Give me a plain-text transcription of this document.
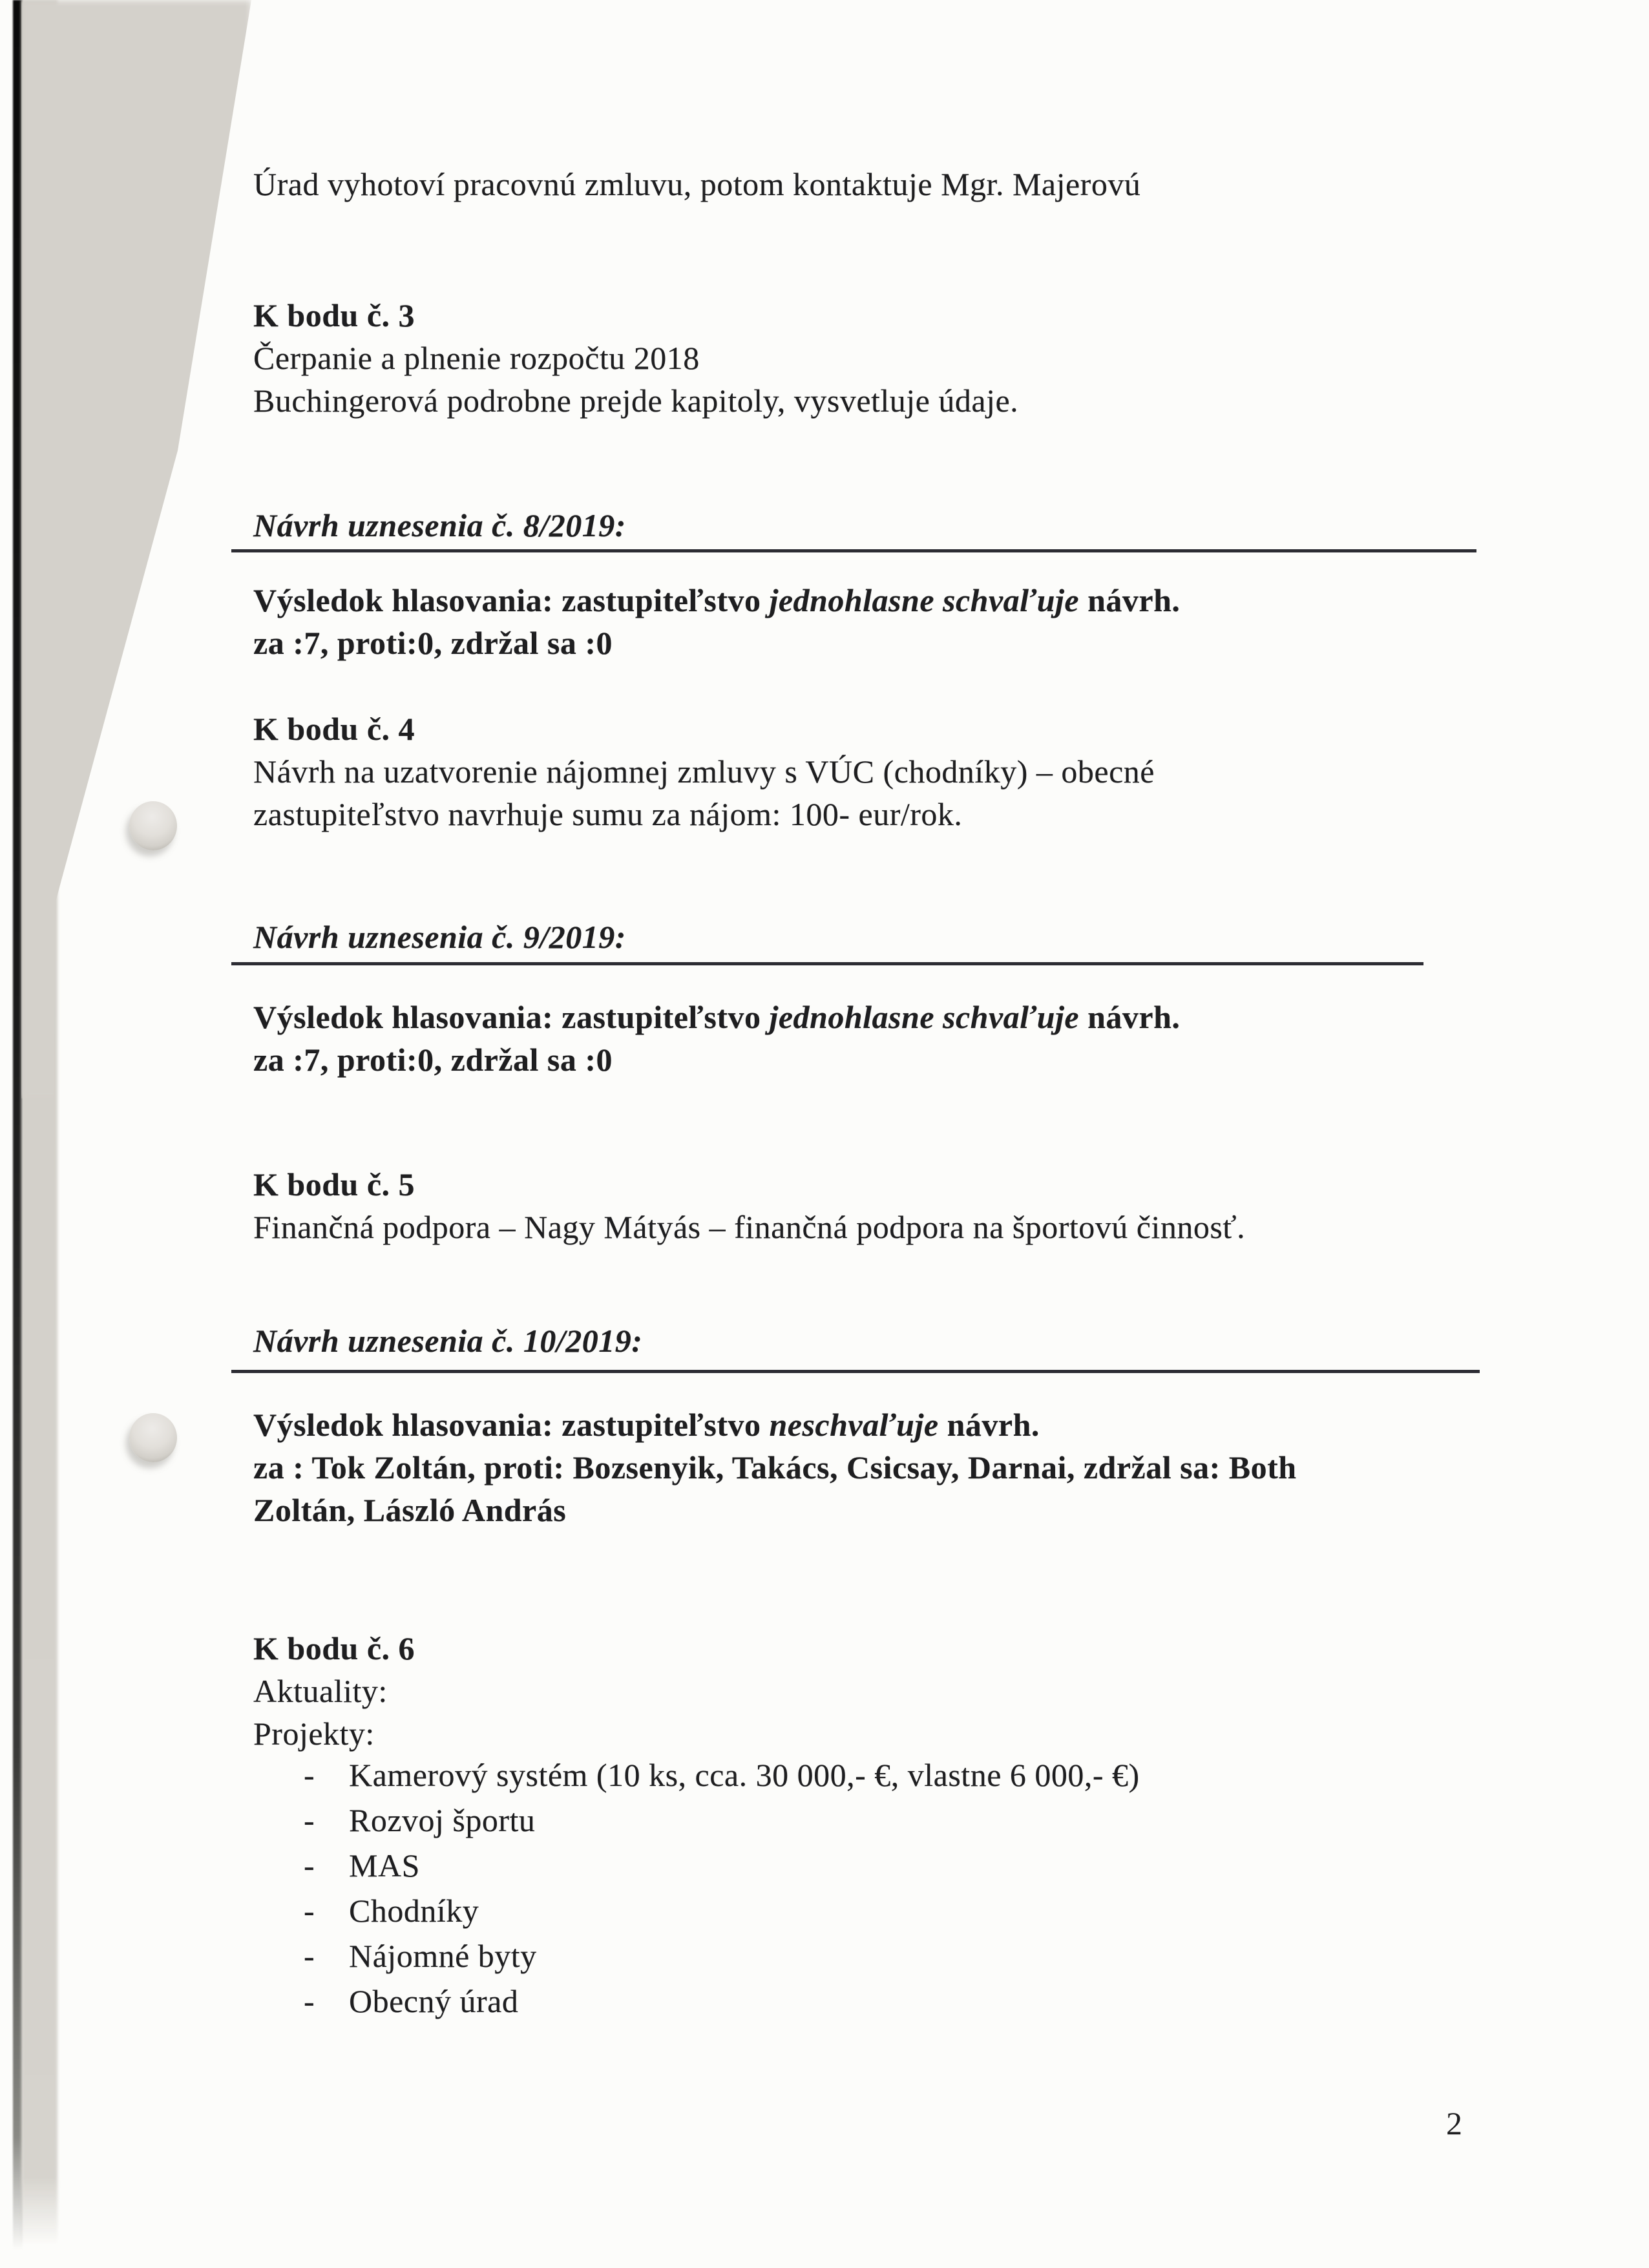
Úrad vyhotoví pracovnú zmluvu, potom kontaktuje Mgr. Majerovú
K bodu č. 3
Čerpanie a plnenie rozpočtu 2018
Buchingerová podrobne prejde kapitoly, vysvetluje údaje.
Návrh uznesenia č. 8/2019:
Výsledok hlasovania: zastupiteľstvo jednohlasne schvaľuje návrh.
za :7, proti:0, zdržal sa :0
K bodu č. 4
Návrh na uzatvorenie nájomnej zmluvy s VÚC (chodníky) – obecné
zastupiteľstvo navrhuje sumu za nájom: 100- eur/rok.
Návrh uznesenia č. 9/2019:
Výsledok hlasovania: zastupiteľstvo jednohlasne schvaľuje návrh.
za :7, proti:0, zdržal sa :0
K bodu č. 5
Finančná podpora – Nagy Mátyás – finančná podpora na športovú činnosť.
Návrh uznesenia č. 10/2019:
Výsledok hlasovania: zastupiteľstvo neschvaľuje návrh.
za : Tok Zoltán, proti: Bozsenyik, Takács, Csicsay, Darnai, zdržal sa: Both
Zoltán, László András
K bodu č. 6
Aktuality:
Projekty:
- Kamerový systém (10 ks, cca. 30 000,- €, vlastne 6 000,- €)
- Rozvoj športu
- MAS
- Chodníky
- Nájomné byty
- Obecný úrad
2
